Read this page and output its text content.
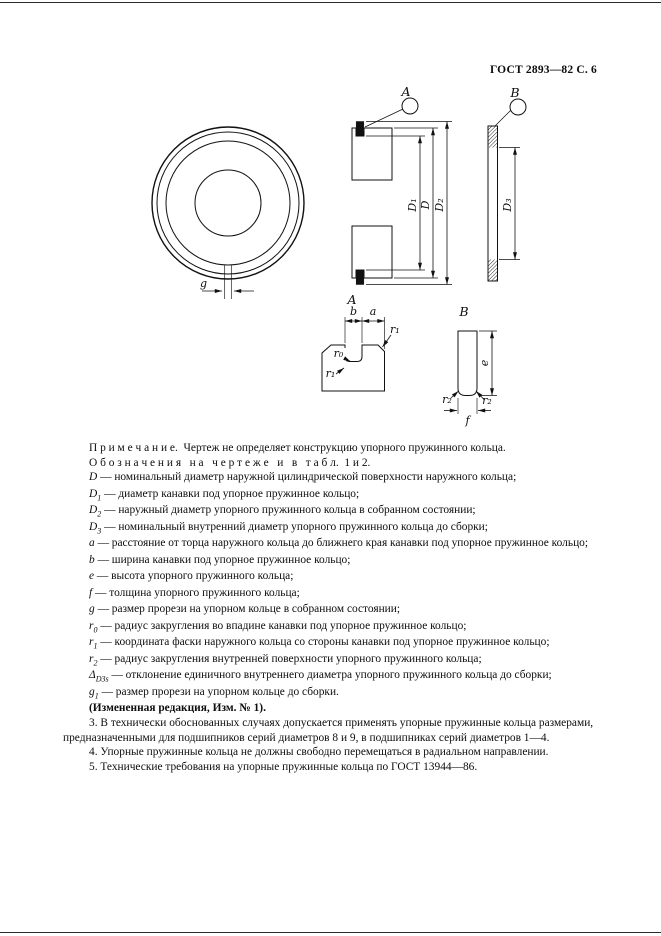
ГОСТ 2893—82 С. 6
g
A
D₁ D D₂
B
D₃
A
b a
r₁
r₀
r₁
B
e
r₂	r₂
f

П р и м е ч а н и е.  Чертеж не определяет конструкцию упорного пружинного кольца.

О б о з н а ч е н и я   н а   ч е р т е ж е   и   в   т а б л.  1 и 2.

D — номинальный диаметр наружной цилиндрической поверхности наружного кольца;

$D_1$ — диаметр канавки под упорное пружинное кольцо;

$D_2$ — наружный диаметр упорного пружинного кольца в собранном состоянии;

$D_3$ — номинальный внутренний диаметр упорного пружинного кольца до сборки;

a — расстояние от торца наружного кольца до ближнего края канавки под упорное пружинное кольцо;

b — ширина канавки под упорное пружинное кольцо;

e — высота упорного пружинного кольца;

f — толщина упорного пружинного кольца;

g — размер прорези на упорном кольце в собранном состоянии;

$r_0$ — радиус закругления во впадине канавки под упорное пружинное кольцо;

$r_1$ — координата фаски наружного кольца со стороны канавки под упорное пружинное кольцо;

$r_2$ — радиус закругления внутренней поверхности упорного пружинного кольца;

$\Delta_{D3s}$ — отклонение единичного внутреннего диаметра упорного пружинного кольца до сборки;

$g_1$ — размер прорези на упорном кольце до сборки.

(Измененная редакция, Изм. № 1).

3. В технически обоснованных случаях допускается применять упорные пружинные кольца размерами, предназначенными для подшипников серий диаметров 8 и 9, в подшипниках серий диаметров 1—4.

4. Упорные пружинные кольца не должны свободно перемещаться в радиальном направлении.

5. Технические требования на упорные пружинные кольца по ГОСТ 13944—86.
